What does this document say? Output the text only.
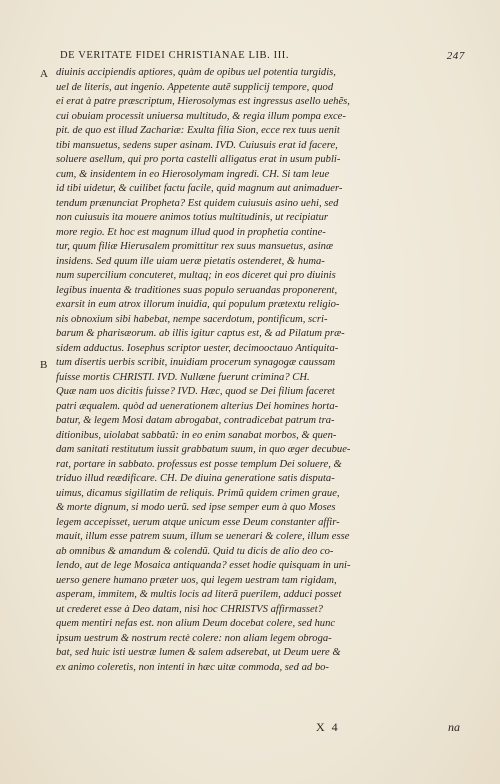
DE VERITATE FIDEI CHRISTIANAE LIB. III.	247
A
B
diuinis accipiendis aptiores, quàm de opibus uel potentia turgidis,
uel de literis, aut ingenio. Appetente autẽ supplicij tempore, quod
ei erat à patre præscriptum, Hierosolymas est ingressus asello uehẽs,
cui obuiam processit uniuersa multitudo, & regia illum pompa exce-
pit. de quo est illud Zachariæ: Exulta filia Sion, ecce rex tuus uenit
tibi mansuetus, sedens super asinam. IVD. Cuiusuis erat id facere,
soluere asellum, qui pro porta castelli alligatus erat in usum publi-
cum, & insidentem in eo Hierosolymam ingredi. CH. Si tam leue
id tibi uidetur, & cuilibet factu facile, quid magnum aut animaduer-
tendum prænunciat Propheta? Est quidem cuiusuis asino uehi, sed
non cuiusuis ita mouere animos totius multitudinis, ut recipiatur
more regio. Et hoc est magnum illud quod in prophetia contine-
tur, quum filiæ Hierusalem promittitur rex suus mansuetus, asinæ
insidens. Sed quum ille uiam ueræ pietatis ostenderet, & huma-
num supercilium concuteret, multaq; in eos diceret qui pro diuinis
legibus inuenta & traditiones suas populo seruandas proponerent,
exarsit in eum atrox illorum inuidia, qui populum prætextu religio-
nis obnoxium sibi habebat, nempe sacerdotum, pontificum, scri-
barum & pharisæorum. ab illis igitur captus est, & ad Pilatum præ-
sidem adductus. Iosephus scriptor uester, decimooctauo Antiquita-
tum disertis uerbis scribit, inuidiam procerum synagogæ caussam
fuisse mortis CHRISTI. IVD. Nullæne fuerunt crimina? CH.
Quæ nam uos dicitis fuisse? IVD. Hæc, quod se Dei filium faceret
patri æqualem. quòd ad uenerationem alterius Dei homines horta-
batur, & legem Mosi datam abrogabat, contradicebat patrum tra-
ditionibus, uiolabat sabbatũ: in eo enim sanabat morbos, & quen-
dam sanitati restitutum iussit grabbatum suum, in quo æger decubue-
rat, portare in sabbato. professus est posse templum Dei soluere, &
triduo illud reædificare. CH. De diuina generatione satis disputa-
uimus, dicamus sigillatim de reliquis. Primũ quidem crimen graue,
& morte dignum, si modo uerũ. sed ipse semper eum à quo Moses
legem accepisset, uerum atque unicum esse Deum constanter affir-
mauit, illum esse patrem suum, illum se uenerari & colere, illum esse
ab omnibus & amandum & colendũ. Quid tu dicis de alio deo co-
lendo, aut de lege Mosaica antiquanda? esset hodie quisquam in uni-
uerso genere humano præter uos, qui legem uestram tam rigidam,
asperam, immitem, & multis locis ad literã puerilem, adduci posset
ut crederet esse à Deo datam, nisi hoc CHRISTVS affirmasset?
quem mentiri nefas est. non alium Deum docebat colere, sed hunc
ipsum uestrum & nostrum rectè colere: non aliam legem obroga-
bat, sed huic isti uestræ lumen & salem adserebat, ut Deum uere &
ex animo coleretis, non intenti in hæc uitæ commoda, sed ad bo-
X 4	na
